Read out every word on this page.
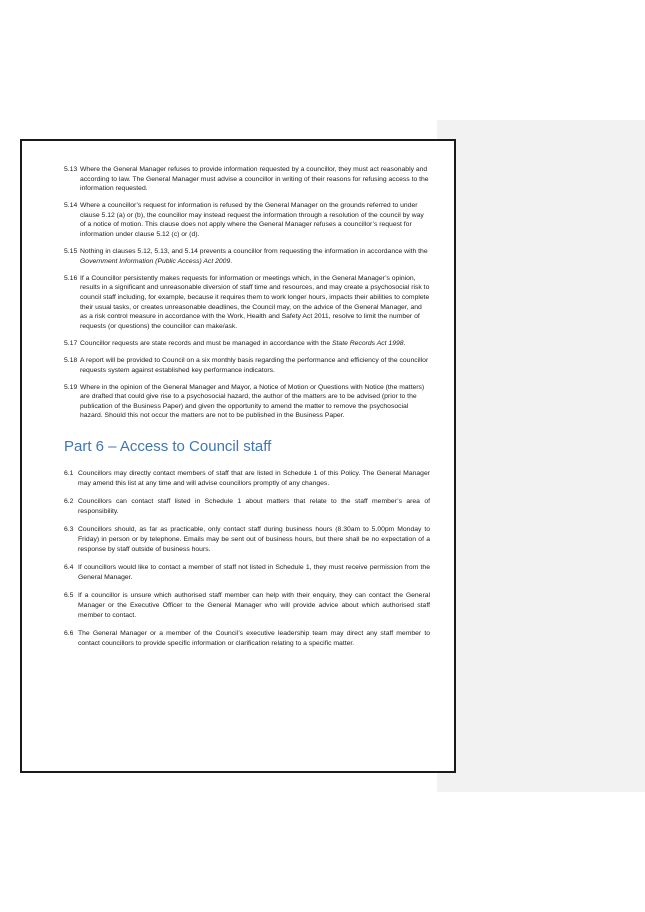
5.13 Where the General Manager refuses to provide information requested by a councillor, they must act reasonably and according to law. The General Manager must advise a councillor in writing of their reasons for refusing access to the information requested.
5.14 Where a councillor’s request for information is refused by the General Manager on the grounds referred to under clause 5.12 (a) or (b), the councillor may instead request the information through a resolution of the council by way of a notice of motion. This clause does not apply where the General Manager refuses a councillor’s request for information under clause 5.12 (c) or (d).
5.15 Nothing in clauses 5.12, 5.13, and 5.14 prevents a councillor from requesting the information in accordance with the Government Information (Public Access) Act 2009.
5.16 If a Councillor persistently makes requests for information or meetings which, in the General Manager’s opinion, results in a significant and unreasonable diversion of staff time and resources, and may create a psychosocial risk to council staff including, for example, because it requires them to work longer hours, impacts their abilities to complete their usual tasks, or creates unreasonable deadlines, the Council may, on the advice of the General Manager, and as a risk control measure in accordance with the Work, Health and Safety Act 2011, resolve to limit the number of requests (or questions) the councillor can make/ask.
5.17 Councillor requests are state records and must be managed in accordance with the State Records Act 1998.
5.18 A report will be provided to Council on a six monthly basis regarding the performance and efficiency of the councillor requests system against established key performance indicators.
5.19 Where in the opinion of the General Manager and Mayor, a Notice of Motion or Questions with Notice (the matters) are drafted that could give rise to a psychosocial hazard, the author of the matters are to be advised (prior to the publication of the Business Paper) and given the opportunity to amend the matter to remove the psychosocial hazard. Should this not occur the matters are not to be published in the Business Paper.
Part 6 – Access to Council staff
6.1 Councillors may directly contact members of staff that are listed in Schedule 1 of this Policy. The General Manager may amend this list at any time and will advise councillors promptly of any changes.
6.2 Councillors can contact staff listed in Schedule 1 about matters that relate to the staff member’s area of responsibility.
6.3 Councillors should, as far as practicable, only contact staff during business hours (8.30am to 5.00pm Monday to Friday) in person or by telephone. Emails may be sent out of business hours, but there shall be no expectation of a response by staff outside of business hours.
6.4 If councillors would like to contact a member of staff not listed in Schedule 1, they must receive permission from the General Manager.
6.5 If a councillor is unsure which authorised staff member can help with their enquiry, they can contact the General Manager or the Executive Officer to the General Manager who will provide advice about which authorised staff member to contact.
6.6 The General Manager or a member of the Council’s executive leadership team may direct any staff member to contact councillors to provide specific information or clarification relating to a specific matter.
